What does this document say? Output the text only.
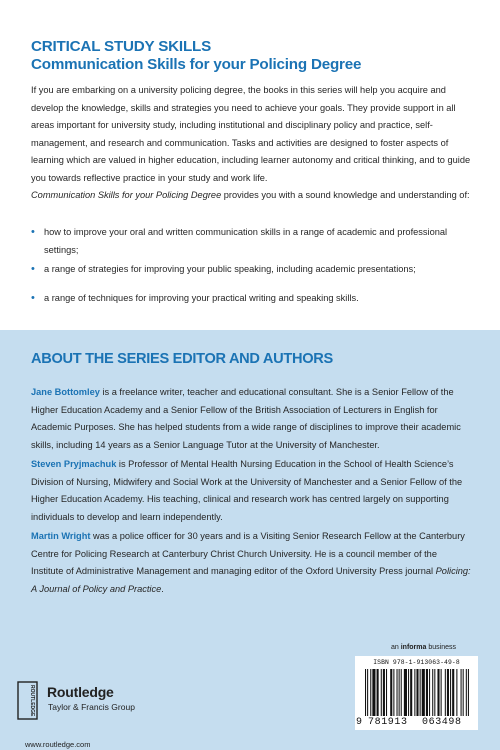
CRITICAL STUDY SKILLS
Communication Skills for your Policing Degree

If you are embarking on a university policing degree, the books in this series will help you acquire and develop the knowledge, skills and strategies you need to achieve your goals. They provide support in all areas important for university study, including institutional and disciplinary policy and practice, self-management, and research and communication. Tasks and activities are designed to foster aspects of learning which are valued in higher education, including learner autonomy and critical thinking, and to guide you towards reflective practice in your study and work life.

Communication Skills for your Policing Degree provides you with a sound knowledge and understanding of:

• how to improve your oral and written communication skills in a range of academic and professional settings;
• a range of strategies for improving your public speaking, including academic presentations;
• a range of techniques for improving your practical writing and speaking skills.
ABOUT THE SERIES EDITOR AND AUTHORS

Jane Bottomley is a freelance writer, teacher and educational consultant. She is a Senior Fellow of the Higher Education Academy and a Senior Fellow of the British Association of Lecturers in English for Academic Purposes. She has helped students from a wide range of disciplines to improve their academic skills, including 14 years as a Senior Language Tutor at the University of Manchester.

Steven Pryjmachuk is Professor of Mental Health Nursing Education in the School of Health Science’s Division of Nursing, Midwifery and Social Work at the University of Manchester and a Senior Fellow of the Higher Education Academy. His teaching, clinical and research work has centred largely on supporting individuals to develop and learn independently.

Martin Wright was a police officer for 30 years and is a Visiting Senior Research Fellow at the Canterbury Centre for Policing Research at Canterbury Christ Church University. He is a council member of the Institute of Administrative Management and managing editor of the Oxford University Press journal Policing: A Journal of Policy and Practice.

an informa business
ROUTLEDGE Routledge
Taylor & Francis Group
www.routledge.com
ISBN 978-1-913063-49-8
9 781913 063498
